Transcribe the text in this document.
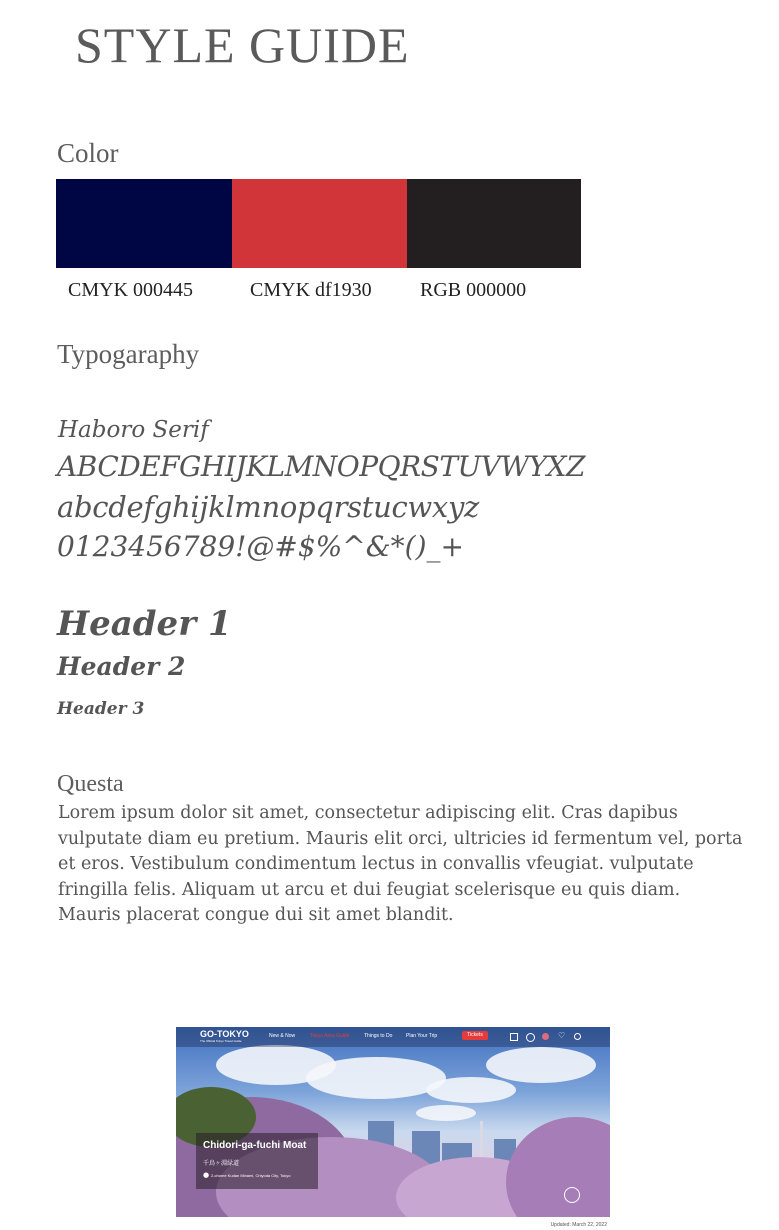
STYLE GUIDE
Color
CMYK 000445	CMYK df1930 RGB 000000
Typogaraphy
Haboro Serif
ABCDEFGHIJKLMNOPQRSTUVWYXZ
abcdefghijklmnopqrstucwxyz
0123456789!@#$%^&*()_+
Header 1
Header 2
Header 3
Questa
Lorem ipsum dolor sit amet, consectetur adipiscing elit. Cras dapibus vulputate diam eu pretium. Mauris elit orci, ultricies id fermentum vel, porta et eros. Vestibulum condimentum lectus in convallis vfeugiat. vulputate fringilla felis. Aliquam ut arcu et dui feugiat scelerisque eu quis diam. Mauris placerat congue dui sit amet blandit.
GO-TOKYO
The Official Tokyo Travel Guide
New & Now	Tokyo Area Guide	Things to Do	Plan Your Trip	Tickets	♡
Chidori-ga-fuchi Moat
千鳥ヶ淵緑道
● 2-chome Kudan Minami, Chiyoda City, Tokyo
Updated: March 22, 2022
